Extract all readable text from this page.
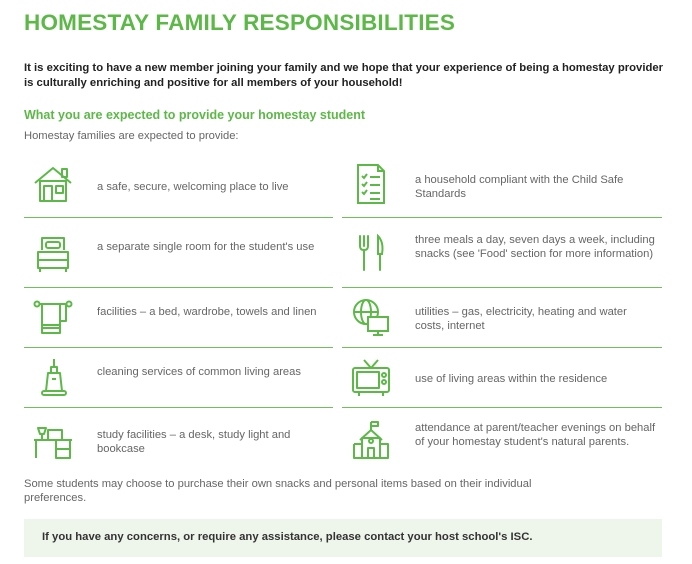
HOMESTAY FAMILY RESPONSIBILITIES

It is exciting to have a new member joining your family and we hope that your experience of being a homestay provider is culturally enriching and positive for all members of your household!

What you are expected to provide your homestay student

Homestay families are expected to provide:

a safe, secure, welcoming place to live

a household compliant with the Child Safe Standards

a separate single room for the student's use

three meals a day, seven days a week, including snacks (see 'Food' section for more information)

facilities – a bed, wardrobe, towels and linen	utilities – gas, electricity, heating and water costs, internet

cleaning services of common living areas

use of living areas within the residence

study facilities – a desk, study light and bookcase

attendance at parent/teacher evenings on behalf of your homestay student's natural parents.

Some students may choose to purchase their own snacks and personal items based on their individual preferences.

If you have any concerns, or require any assistance, please contact your host school's ISC.
